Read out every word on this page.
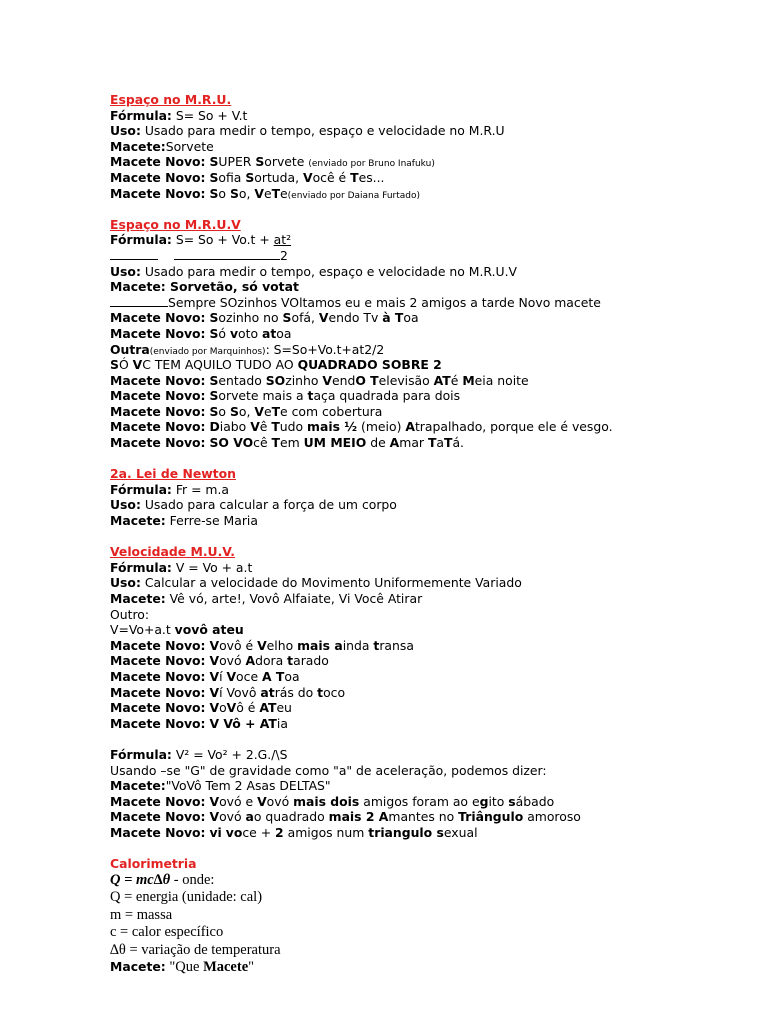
Espaço no M.R.U.
Fórmula: S= So + V.t
Uso: Usado para medir o tempo, espaço e velocidade no M.R.U
Macete:Sorvete
Macete Novo: SUPER Sorvete (enviado por Bruno Inafuku)
Macete Novo: Sofia Sortuda, Você é Tes...
Macete Novo: So So, VeTe(enviado por Daiana Furtado)
Espaço no M.R.U.V
Fórmula: S= So + Vo.t + at²
2
Uso: Usado para medir o tempo, espaço e velocidade no M.R.U.V
Macete: Sorvetão, só votat
Sempre SOzinhos VOltamos eu e mais 2 amigos a tarde Novo macete
Macete Novo: Sozinho no Sofá, Vendo Tv à Toa
Macete Novo: Só voto atoa
Outra(enviado por Marquinhos): S=So+Vo.t+at2/2
SÓ VC TEM AQUILO TUDO AO QUADRADO SOBRE 2
Macete Novo: Sentado SOzinho VendO Televisão ATé Meia noite
Macete Novo: Sorvete mais a taça quadrada para dois
Macete Novo: So So, VeTe com cobertura
Macete Novo: Diabo Vê Tudo mais ½ (meio) Atrapalhado, porque ele é vesgo.
Macete Novo: SO VOcê Tem UM MEIO de Amar TaTá.
2a. Lei de Newton
Fórmula: Fr = m.a
Uso: Usado para calcular a força de um corpo
Macete: Ferre-se Maria
Velocidade M.U.V.
Fórmula: V = Vo + a.t
Uso: Calcular a velocidade do Movimento Uniformemente Variado
Macete: Vê vó, arte!, Vovô Alfaiate, Vi Você Atirar
Outro:
V=Vo+a.t vovô ateu
Macete Novo: Vovô é Velho mais ainda transa
Macete Novo: Vovó Adora tarado
Macete Novo: Ví Voce A Toa
Macete Novo: Ví Vovô atrás do toco
Macete Novo: VoVô é ATeu
Macete Novo: V Vô + ATia
Fórmula: V² = Vo² + 2.G./\S
Usando –se "G" de gravidade como "a" de aceleração, podemos dizer:
Macete:"VoVô Tem 2 Asas DELTAS"
Macete Novo: Vovó e Vovó mais dois amigos foram ao egito sábado
Macete Novo: Vovó ao quadrado mais 2 Amantes no Triângulo amoroso
Macete Novo: vi voce + 2 amigos num triangulo sexual
Calorimetria
Q = mc∆θ - onde:
Q = energia (unidade: cal)
m = massa
c = calor específico
∆θ = variação de temperatura
Macete: "Que Macete"
